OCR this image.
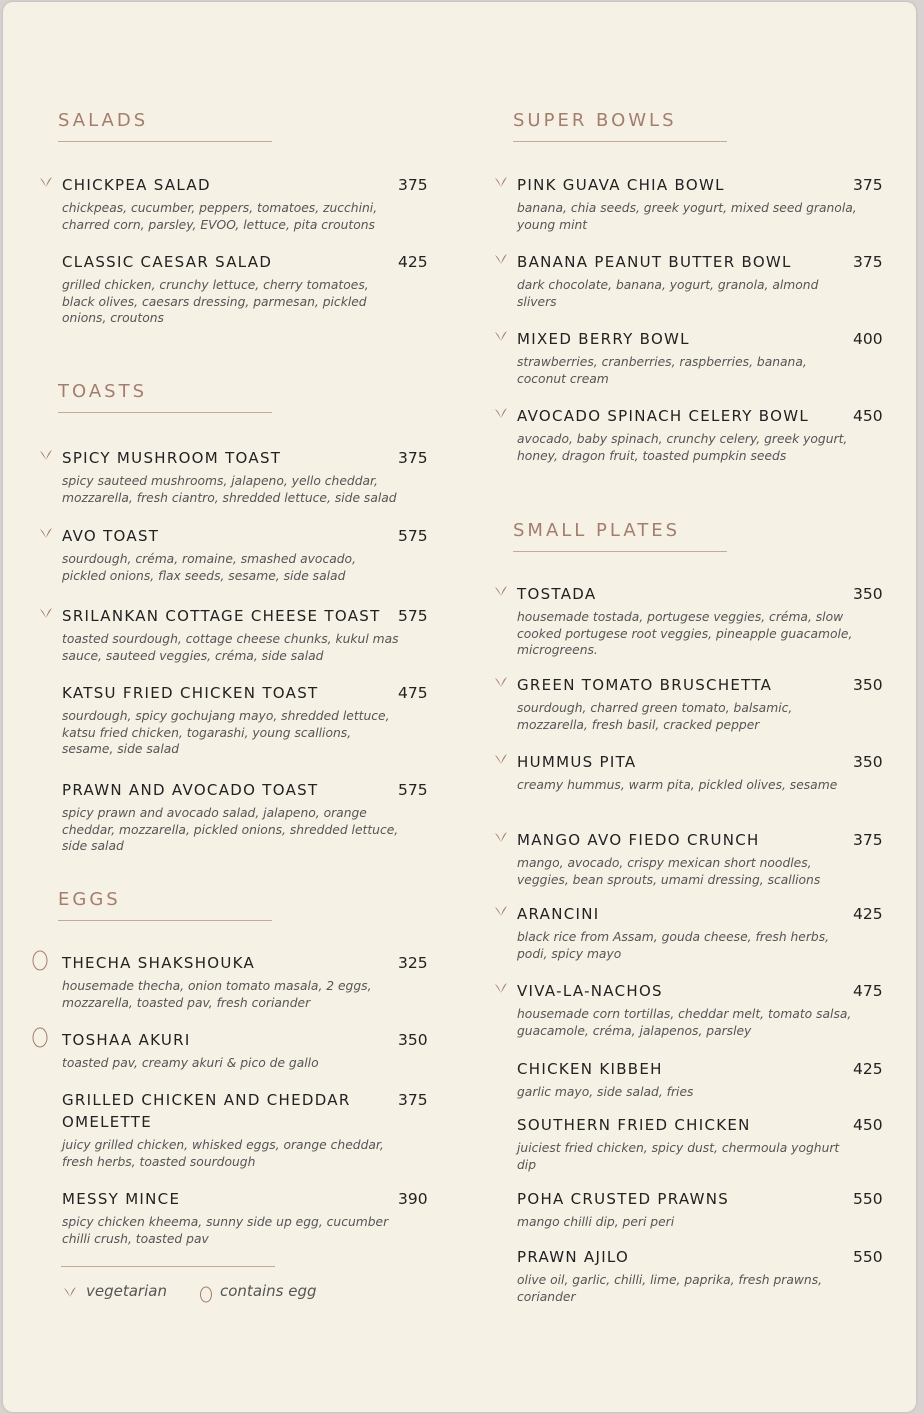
SALADS
CHICKPEA SALAD	375
chickpeas, cucumber, peppers, tomatoes, zucchini, charred corn, parsley, EVOO, lettuce, pita croutons
CLASSIC CAESAR SALAD	425
grilled chicken, crunchy lettuce, cherry tomatoes, black olives, caesars dressing, parmesan, pickled onions, croutons
TOASTS
SPICY MUSHROOM TOAST	375
spicy sauteed mushrooms, jalapeno, yello cheddar, mozzarella, fresh ciantro, shredded lettuce, side salad
AVO TOAST	575
sourdough, créma, romaine, smashed avocado, pickled onions, flax seeds, sesame, side salad
SRILANKAN COTTAGE CHEESE TOAST 575
toasted sourdough, cottage cheese chunks, kukul mas sauce, sauteed veggies, créma, side salad
KATSU FRIED CHICKEN TOAST	475
sourdough, spicy gochujang mayo, shredded lettuce, katsu fried chicken, togarashi, young scallions, sesame, side salad
PRAWN AND AVOCADO TOAST	575
spicy prawn and avocado salad, jalapeno, orange cheddar, mozzarella, pickled onions, shredded lettuce, side salad
EGGS
THECHA SHAKSHOUKA	325
housemade thecha, onion tomato masala, 2 eggs, mozzarella, toasted pav, fresh coriander
TOSHAA AKURI	350
toasted pav, creamy akuri & pico de gallo
GRILLED CHICKEN AND CHEDDAR OMELETTE
375
juicy grilled chicken, whisked eggs, orange cheddar, fresh herbs, toasted sourdough
MESSY MINCE	390
spicy chicken kheema, sunny side up egg, cucumber chilli crush, toasted pav
SUPER BOWLS
PINK GUAVA CHIA BOWL	375
banana, chia seeds, greek yogurt, mixed seed granola, young mint
BANANA PEANUT BUTTER BOWL	375
dark chocolate, banana, yogurt, granola, almond slivers
MIXED BERRY BOWL	400
strawberries, cranberries, raspberries, banana, coconut cream
AVOCADO SPINACH CELERY BOWL	450
avocado, baby spinach, crunchy celery, greek yogurt, honey, dragon fruit, toasted pumpkin seeds
SMALL PLATES
TOSTADA	350
housemade tostada, portugese veggies, créma, slow cooked portugese root veggies, pineapple guacamole, microgreens.
GREEN TOMATO BRUSCHETTA	350
sourdough, charred green tomato, balsamic, mozzarella, fresh basil, cracked pepper
HUMMUS PITA	350
creamy hummus, warm pita, pickled olives, sesame
MANGO AVO FIEDO CRUNCH	375
mango, avocado, crispy mexican short noodles, veggies, bean sprouts, umami dressing, scallions
ARANCINI	425
black rice from Assam, gouda cheese, fresh herbs, podi, spicy mayo
VIVA-LA-NACHOS	475
housemade corn tortillas, cheddar melt, tomato salsa, guacamole, créma, jalapenos, parsley
CHICKEN KIBBEH	425
garlic mayo, side salad, fries
SOUTHERN FRIED CHICKEN	450
juiciest fried chicken, spicy dust, chermoula yoghurt dip
POHA CRUSTED PRAWNS	550
mango chilli dip, peri peri
PRAWN AJILO	550
olive oil, garlic, chilli, lime, paprika, fresh prawns, coriander
vegetarian	contains egg
